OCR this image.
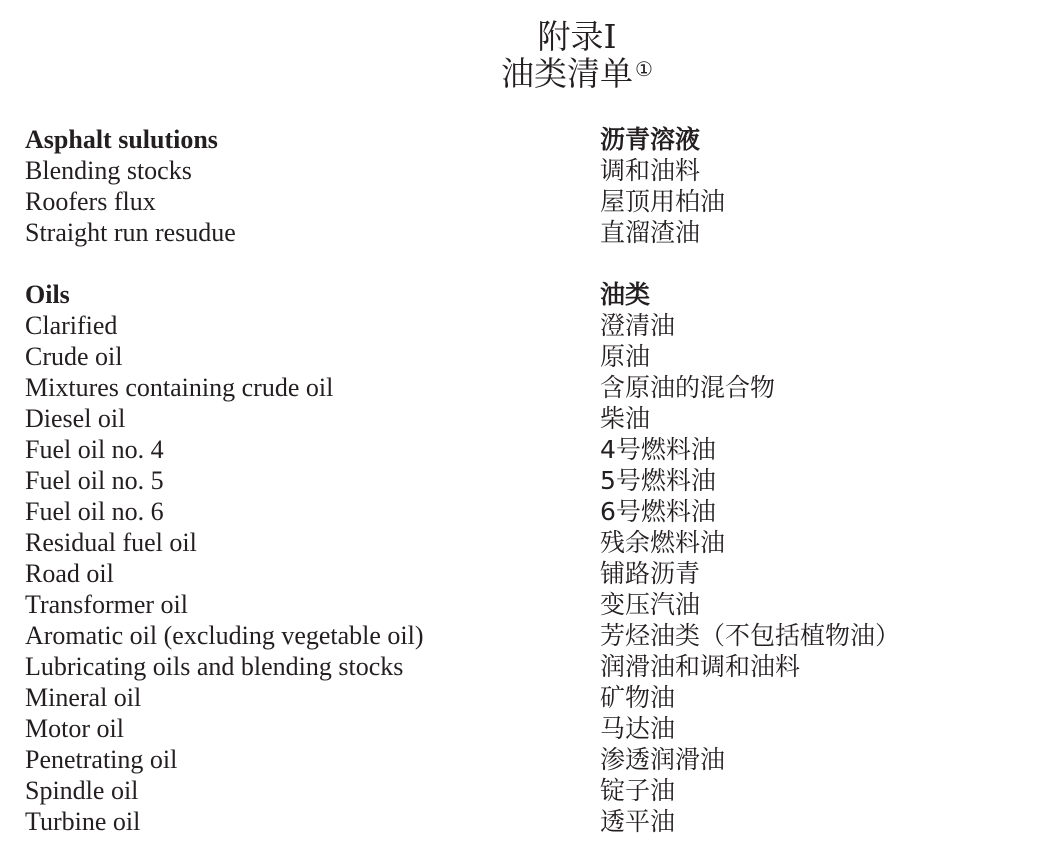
附录I
油类清单 ①
Asphalt sulutions	沥青溶液
Blending stocks	调和油料
Roofers flux	屋顶用柏油
Straight run resudue	直溜渣油
Oils	油类
Clarified	澄清油
Crude oil	原油
Mixtures containing crude oil	含原油的混合物
Diesel oil	柴油
Fuel oil no. 4	4号燃料油
Fuel oil no. 5	5号燃料油
Fuel oil no. 6	6号燃料油
Residual fuel oil	残余燃料油
Road oil	铺路沥青
Transformer oil	变压汽油
Aromatic oil (excluding vegetable oil)	芳烃油类（不包括植物油）
Lubricating oils and blending stocks	润滑油和调和油料
Mineral oil	矿物油
Motor oil	马达油
Penetrating oil	渗透润滑油
Spindle oil	锭子油
Turbine oil	透平油
